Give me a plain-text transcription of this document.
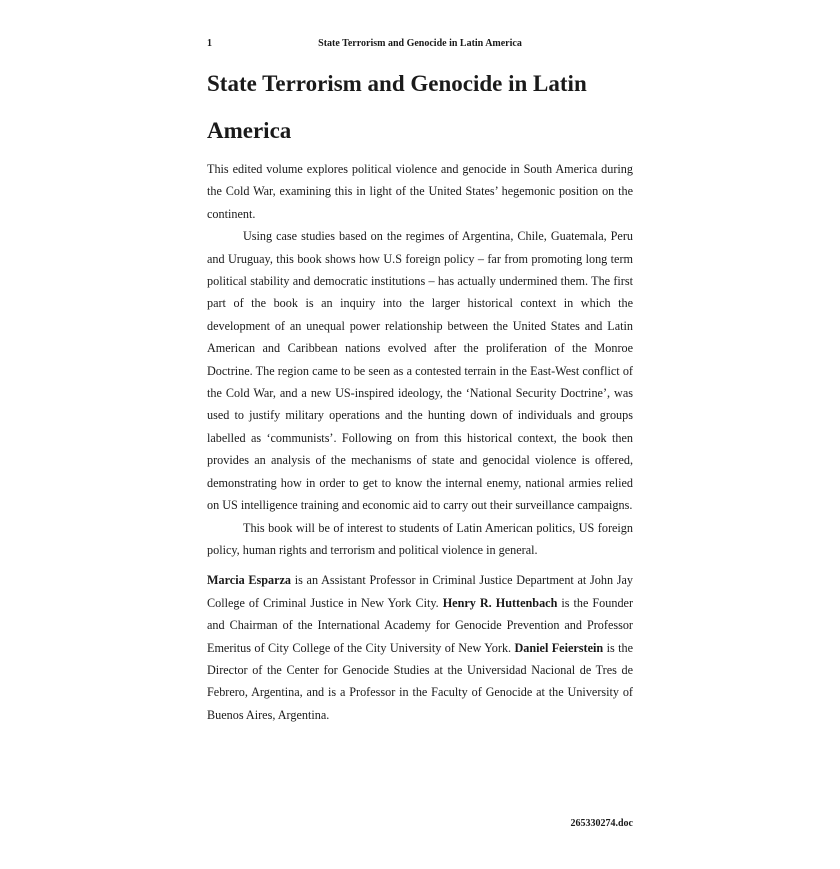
1	State Terrorism and Genocide in Latin America
State Terrorism and Genocide in Latin America

This edited volume explores political violence and genocide in South America during the Cold War, examining this in light of the United States’ hegemonic position on the continent.

Using case studies based on the regimes of Argentina, Chile, Guatemala, Peru and Uruguay, this book shows how U.S foreign policy – far from promoting long term political stability and democratic institutions – has actually undermined them. The first part of the book is an inquiry into the larger historical context in which the development of an unequal power relationship between the United States and Latin American and Caribbean nations evolved after the proliferation of the Monroe Doctrine. The region came to be seen as a contested terrain in the East-West conflict of the Cold War, and a new US-inspired ideology, the ‘National Security Doctrine’, was used to justify military operations and the hunting down of individuals and groups labelled as ‘communists’. Following on from this historical context, the book then provides an analysis of the mechanisms of state and genocidal violence is offered, demonstrating how in order to get to know the internal enemy, national armies relied on US intelligence training and economic aid to carry out their surveillance campaigns.

This book will be of interest to students of Latin American politics, US foreign policy, human rights and terrorism and political violence in general.

Marcia Esparza is an Assistant Professor in Criminal Justice Department at John Jay College of Criminal Justice in New York City. Henry R. Huttenbach is the Founder and Chairman of the International Academy for Genocide Prevention and Professor Emeritus of City College of the City University of New York. Daniel Feierstein is the Director of the Center for Genocide Studies at the Universidad Nacional de Tres de Febrero, Argentina, and is a Professor in the Faculty of Genocide at the University of Buenos Aires, Argentina.

265330274.doc
